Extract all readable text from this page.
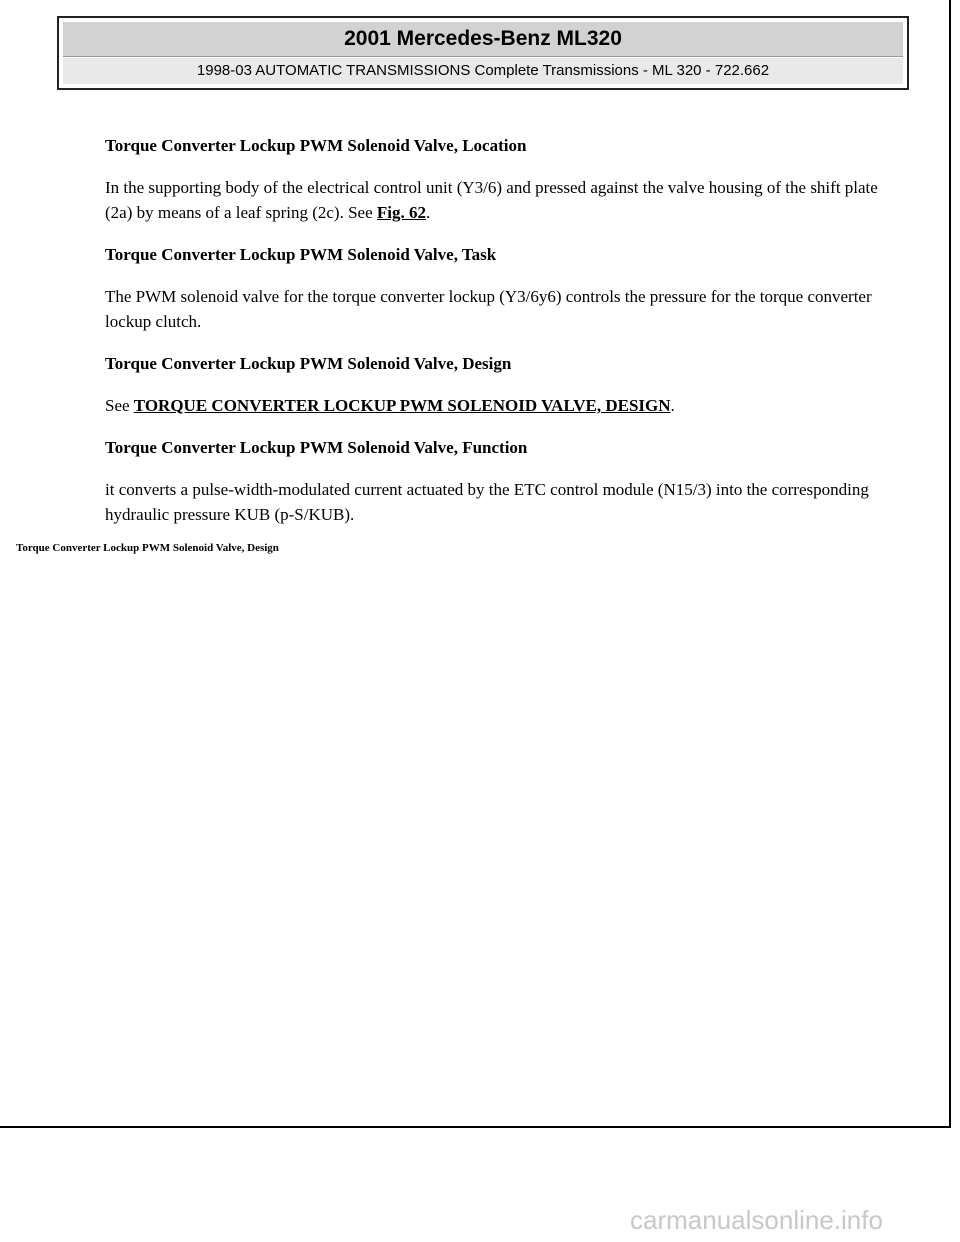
2001 Mercedes-Benz ML320
1998-03 AUTOMATIC TRANSMISSIONS Complete Transmissions - ML 320 - 722.662
Torque Converter Lockup PWM Solenoid Valve, Location

In the supporting body of the electrical control unit (Y3/6) and pressed against the valve housing of the shift plate (2a) by means of a leaf spring (2c). See Fig. 62.

Torque Converter Lockup PWM Solenoid Valve, Task

The PWM solenoid valve for the torque converter lockup (Y3/6y6) controls the pressure for the torque converter lockup clutch.

Torque Converter Lockup PWM Solenoid Valve, Design

See TORQUE CONVERTER LOCKUP PWM SOLENOID VALVE, DESIGN.

Torque Converter Lockup PWM Solenoid Valve, Function

it converts a pulse-width-modulated current actuated by the ETC control module (N15/3) into the corresponding hydraulic pressure KUB (p-S/KUB).

Torque Converter Lockup PWM Solenoid Valve, Design
carmanualsonline.info
